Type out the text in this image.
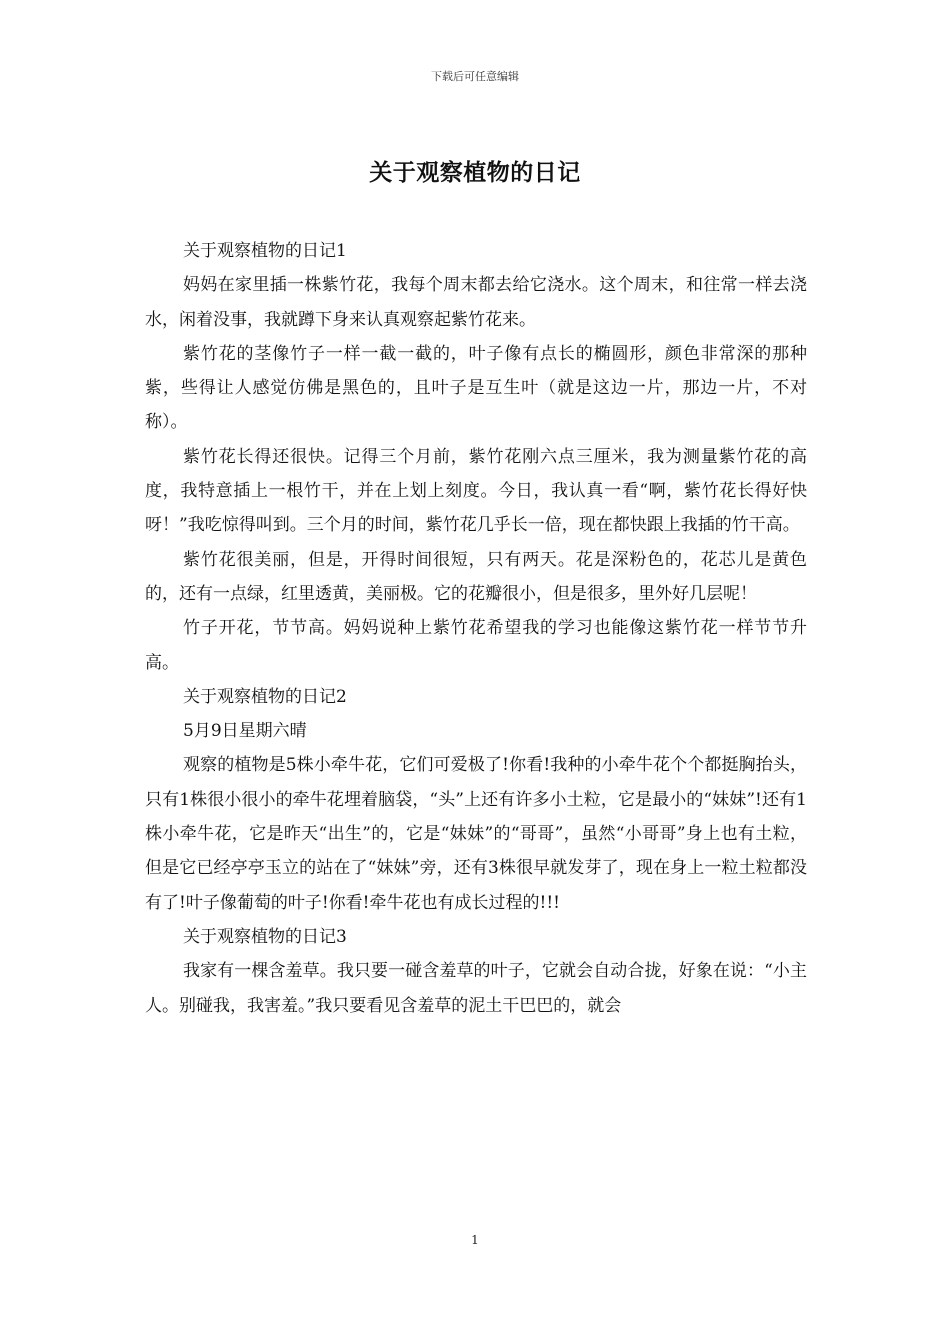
下载后可任意编辑
关于观察植物的日记

关于观察植物的日记1

妈妈在家里插一株紫竹花，我每个周末都去给它浇水。这个周末，和往常一样去浇水，闲着没事，我就蹲下身来认真观察起紫竹花来。

紫竹花的茎像竹子一样一截一截的，叶子像有点长的椭圆形，颜色非常深的那种紫，些得让人感觉仿佛是黑色的，且叶子是互生叶（就是这边一片，那边一片，不对称）。

紫竹花长得还很快。记得三个月前，紫竹花刚六点三厘米，我为测量紫竹花的高度，我特意插上一根竹干，并在上划上刻度。今日，我认真一看“啊，紫竹花长得好快呀！”我吃惊得叫到。三个月的时间，紫竹花几乎长一倍，现在都快跟上我插的竹干高。

紫竹花很美丽，但是，开得时间很短，只有两天。花是深粉色的，花芯儿是黄色的，还有一点绿，红里透黄，美丽极。它的花瓣很小，但是很多，里外好几层呢！

竹子开花，节节高。妈妈说种上紫竹花希望我的学习也能像这紫竹花一样节节升高。

关于观察植物的日记2

5月9日星期六晴

观察的植物是5株小牵牛花，它们可爱极了!你看!我种的小牵牛花个个都挺胸抬头，只有1株很小很小的牵牛花埋着脑袋，“头”上还有许多小土粒，它是最小的“妹妹”!还有1株小牵牛花，它是昨天“出生”的，它是“妹妹”的“哥哥”，虽然“小哥哥”身上也有土粒，但是它已经亭亭玉立的站在了“妹妹”旁，还有3株很早就发芽了，现在身上一粒土粒都没有了!叶子像葡萄的叶子!你看!牵牛花也有成长过程的!!!

关于观察植物的日记3

我家有一棵含羞草。我只要一碰含羞草的叶子，它就会自动合拢，好象在说：“小主人。别碰我，我害羞。”我只要看见含羞草的泥土干巴巴的，就会

1
